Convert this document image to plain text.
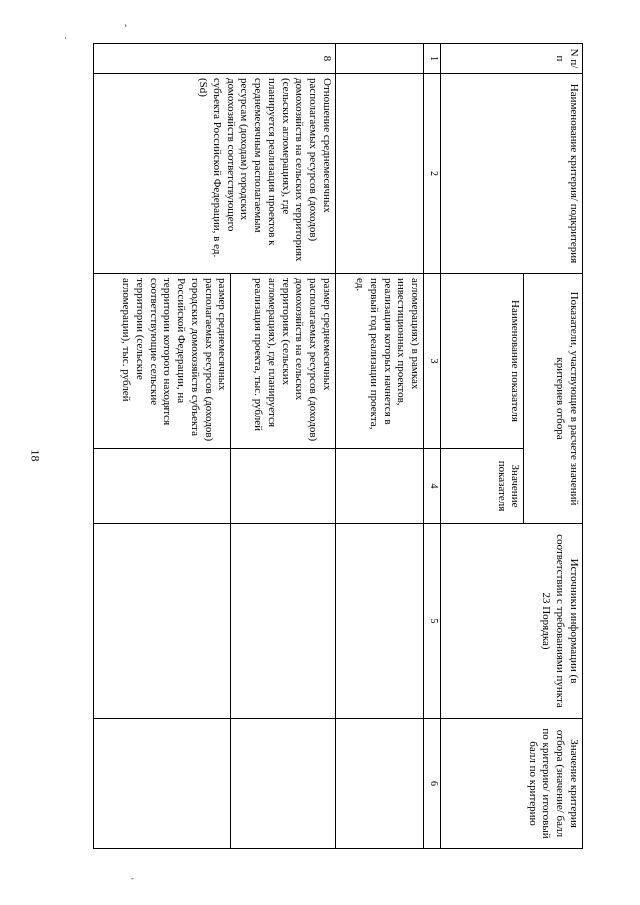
18
›
·
-
N п/п	Наименование критерия/ подкритерия	Показатели, участвующие в расчете значений критериев отбора		Источники информации (в соответствии с требованиями пункта 23 Порядка)	Значение критерия отбора (значение/ балл по критерию/ итоговый балл по критерию
		Наименование показателя	Значение показателя		
1	2	3	4	5	6
		агломерациях) в рамках инвестиционных проектов, реализация которых начнется в первый год реализации проекта, ед.			
8	Отношение среднемесячных располагаемых ресурсов (доходов) домохозяйств на сельских территориях (сельских агломерациях), где планируется реализация проектов к среднемесячным располагаемым ресурсам (доходам) городских домохозяйств соответствующего субъекта Российской Федерации, в ед. (Sd)	размер среднемесячных располагаемых ресурсов (доходов) домохозяйств на сельских территориях (сельских агломерациях), где планируется реализация проекта, тыс. рублей			
		размер среднемесячных располагаемых ресурсов (доходов) городских домохозяйств субъекта Российской Федерации, на территории которого находятся соответствующие сельские территории (сельские агломерации), тыс. рублей			
